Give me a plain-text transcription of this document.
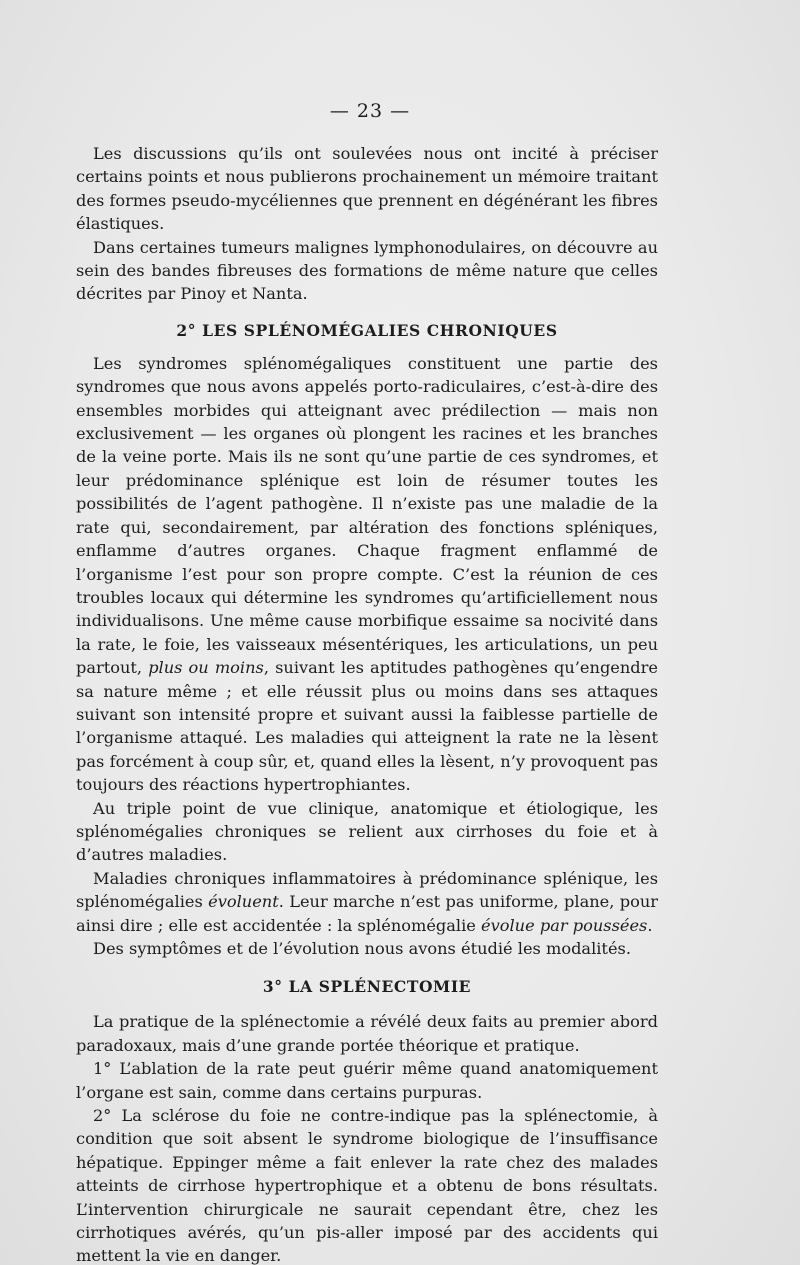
— 23 —

Les discussions qu’ils ont soulevées nous ont incité à préciser certains points et nous publierons prochainement un mémoire traitant des formes pseudo-mycéliennes que prennent en dégénérant les fibres élastiques.

Dans certaines tumeurs malignes lymphonodulaires, on découvre au sein des bandes fibreuses des formations de même nature que celles décrites par Pinoy et Nanta.

2° LES SPLÉNOMÉGALIES CHRONIQUES

Les syndromes splénomégaliques constituent une partie des syndromes que nous avons appelés porto-radiculaires, c’est-à-dire des ensembles morbides qui atteignant avec prédilection — mais non exclusivement — les organes où plongent les racines et les branches de la veine porte. Mais ils ne sont qu’une partie de ces syndromes, et leur prédominance splénique est loin de résumer toutes les possibilités de l’agent pathogène. Il n’existe pas une maladie de la rate qui, secondairement, par altération des fonctions spléniques, enflamme d’autres organes. Chaque fragment enflammé de l’organisme l’est pour son propre compte. C’est la réunion de ces troubles locaux qui détermine les syndromes qu’artificiellement nous individualisons. Une même cause morbifique essaime sa nocivité dans la rate, le foie, les vaisseaux mésentériques, les articulations, un peu partout, plus ou moins, suivant les aptitudes pathogènes qu’engendre sa nature même ; et elle réussit plus ou moins dans ses attaques suivant son intensité propre et suivant aussi la faiblesse partielle de l’organisme attaqué. Les maladies qui atteignent la rate ne la lèsent pas forcément à coup sûr, et, quand elles la lèsent, n’y provoquent pas toujours des réactions hypertrophiantes.

Au triple point de vue clinique, anatomique et étiologique, les splénomégalies chroniques se relient aux cirrhoses du foie et à d’autres maladies.

Maladies chroniques inflammatoires à prédominance splénique, les splénomégalies évoluent. Leur marche n’est pas uniforme, plane, pour ainsi dire ; elle est accidentée : la splénomégalie évolue par poussées.

Des symptômes et de l’évolution nous avons étudié les modalités.

3° LA SPLÉNECTOMIE

La pratique de la splénectomie a révélé deux faits au premier abord paradoxaux, mais d’une grande portée théorique et pratique.

1° L’ablation de la rate peut guérir même quand anatomiquement l’organe est sain, comme dans certains purpuras.

2° La sclérose du foie ne contre-indique pas la splénectomie, à condition que soit absent le syndrome biologique de l’insuffisance hépatique. Eppinger même a fait enlever la rate chez des malades atteints de cirrhose hypertrophique et a obtenu de bons résultats. L’intervention chirurgicale ne saurait cependant être, chez les cirrhotiques avérés, qu’un pis-aller imposé par des accidents qui mettent la vie en danger.
